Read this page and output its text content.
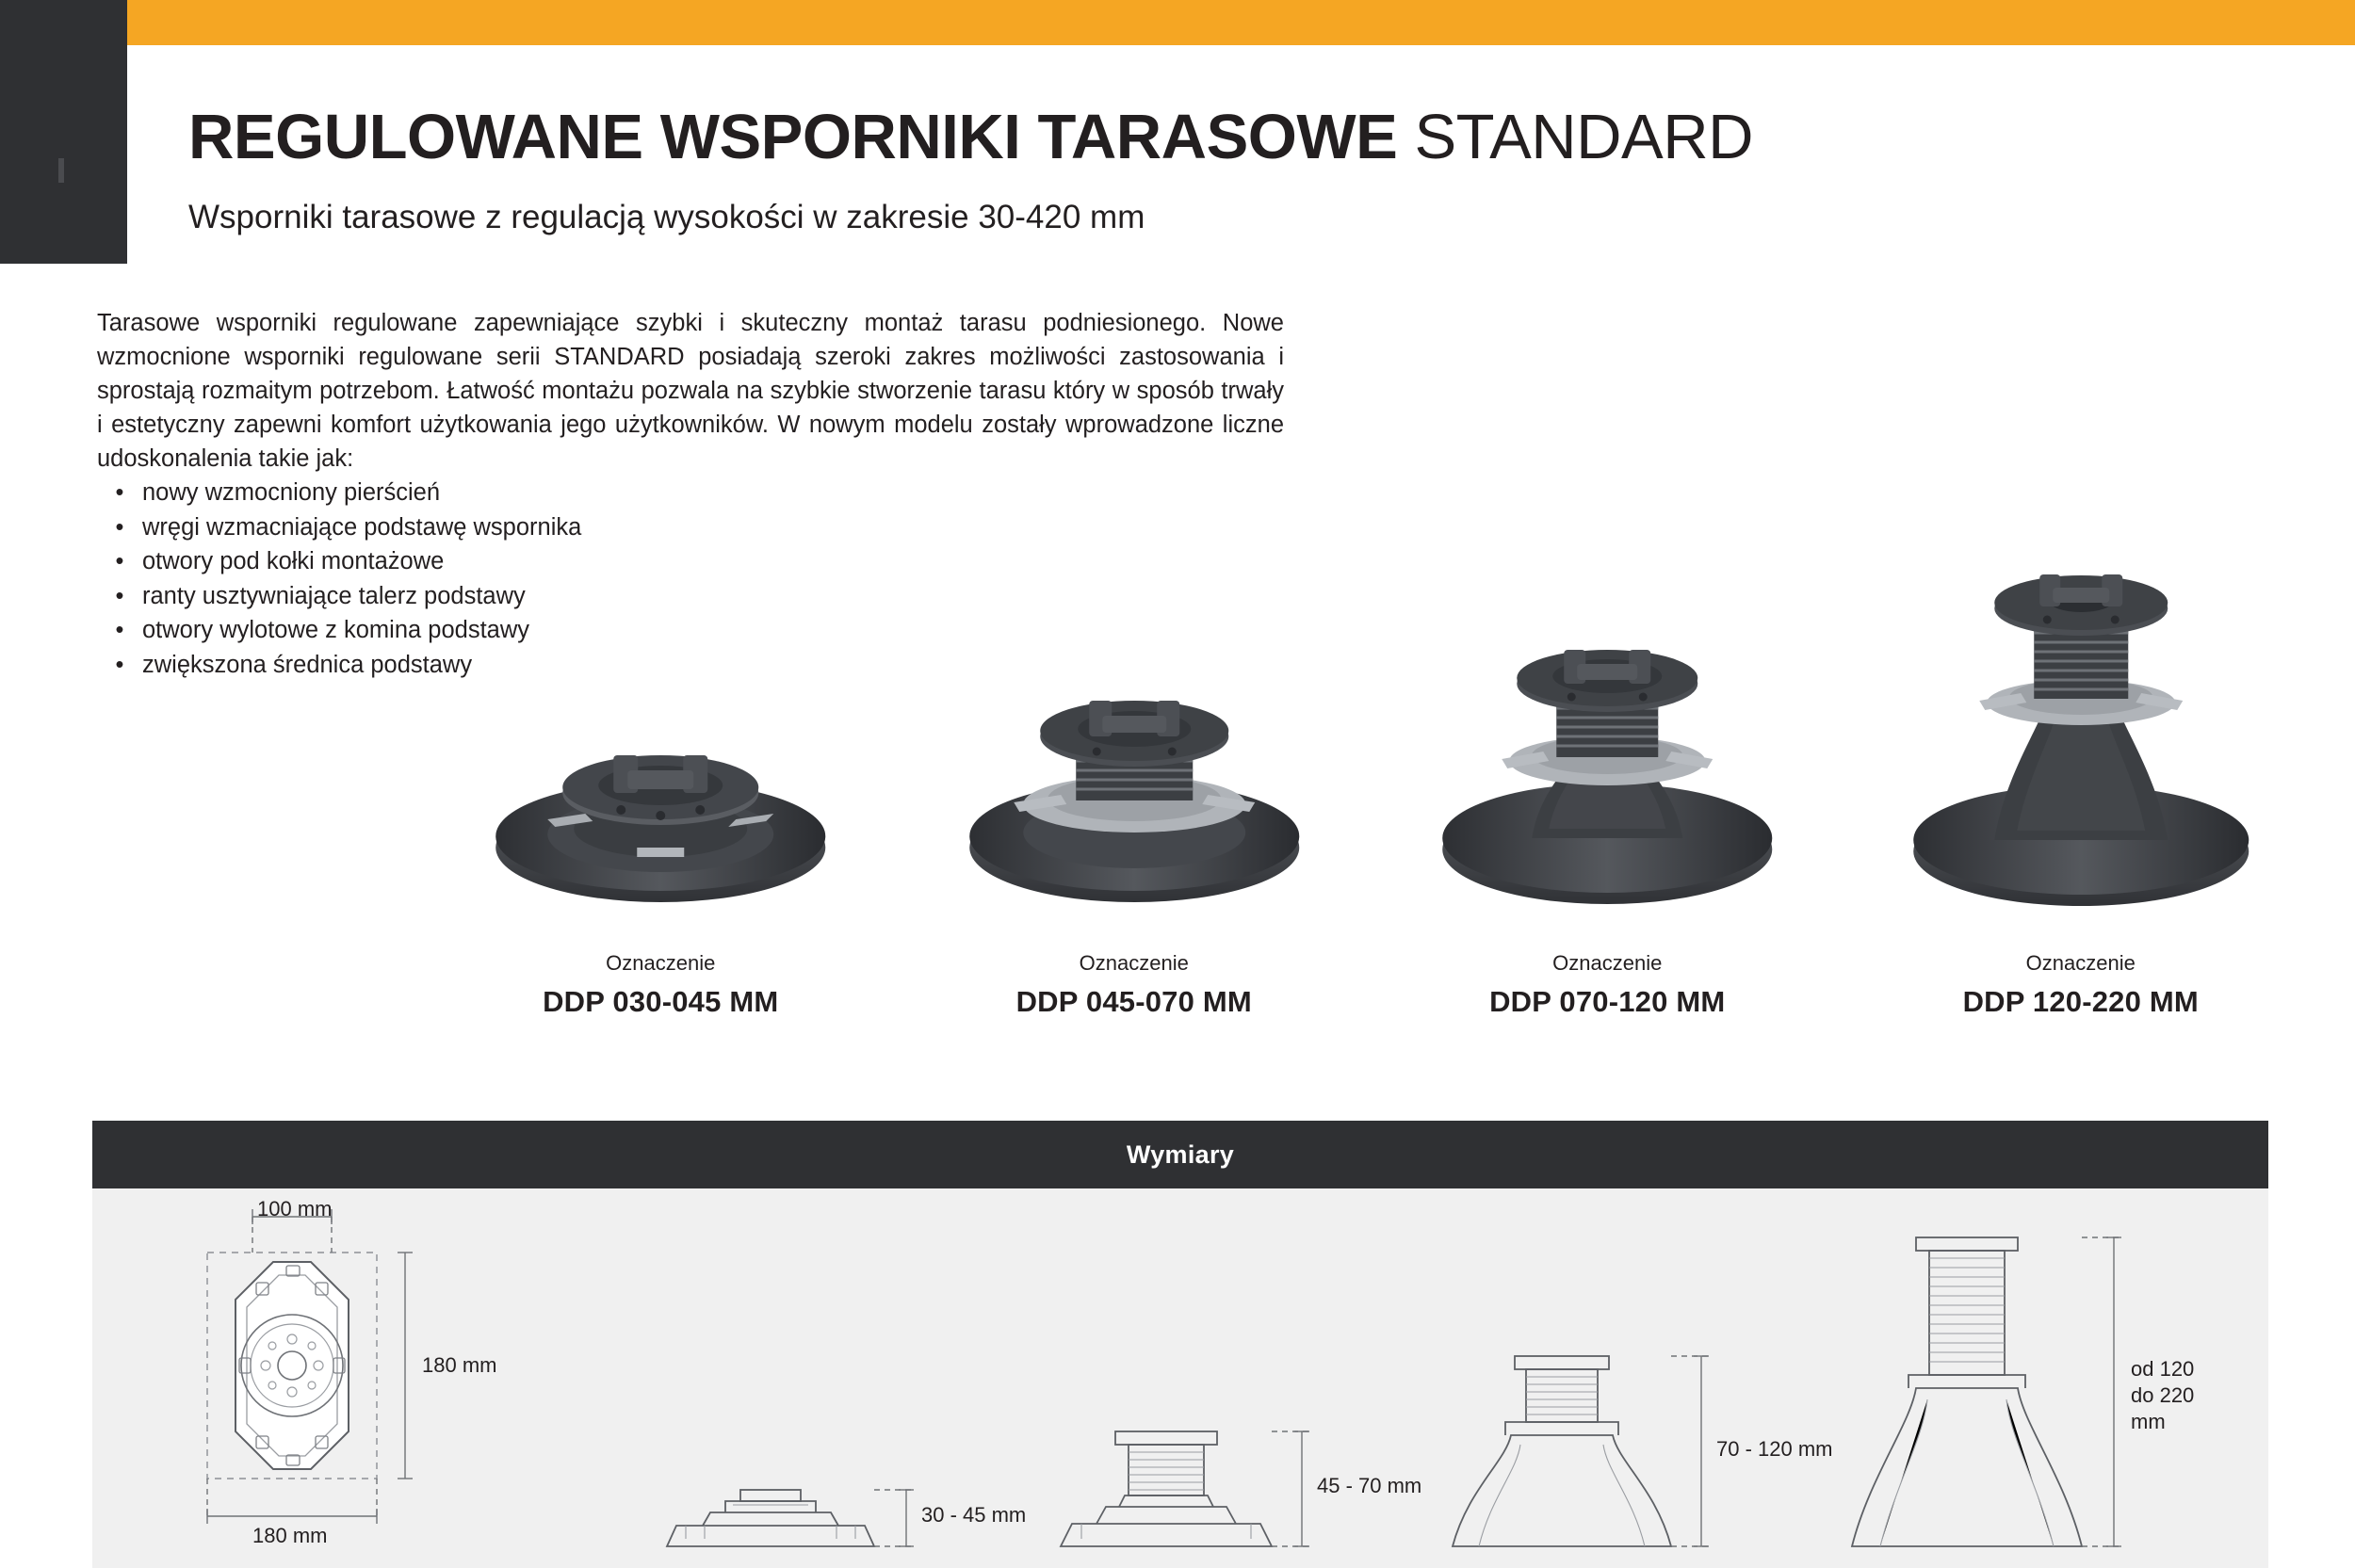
REGULOWANE WSPORNIKI TARASOWE STANDARD
Wsporniki tarasowe z regulacją wysokości w zakresie 30-420 mm

Tarasowe wsporniki regulowane zapewniające szybki i skuteczny montaż tarasu podniesionego. Nowe wzmocnione wsporniki regulowane serii STANDARD posiadają szeroki zakres możliwości zastosowania i sprostają rozmaitym potrzebom. Łatwość montażu pozwala na szybkie stworzenie tarasu który w sposób trwały i estetyczny zapewni komfort użytkowania jego użytkowników. W nowym modelu zostały wprowadzone liczne udoskonalenia takie jak:

• nowy wzmocniony pierścień
• wręgi wzmacniające podstawę wspornika
• otwory pod kołki montażowe
• ranty usztywniające talerz podstawy
• otwory wylotowe z komina podstawy
• zwiększona średnica podstawy
Oznaczenie
DDP 030-045 MM
Oznaczenie
DDP 045-070 MM
Oznaczenie
DDP 070-120 MM
Oznaczenie
DDP 120-220 MM
Wymiary
100 mm
180 mm
180 mm
30 - 45 mm
45 - 70 mm
70 - 120 mm
od 120
do 220
mm
